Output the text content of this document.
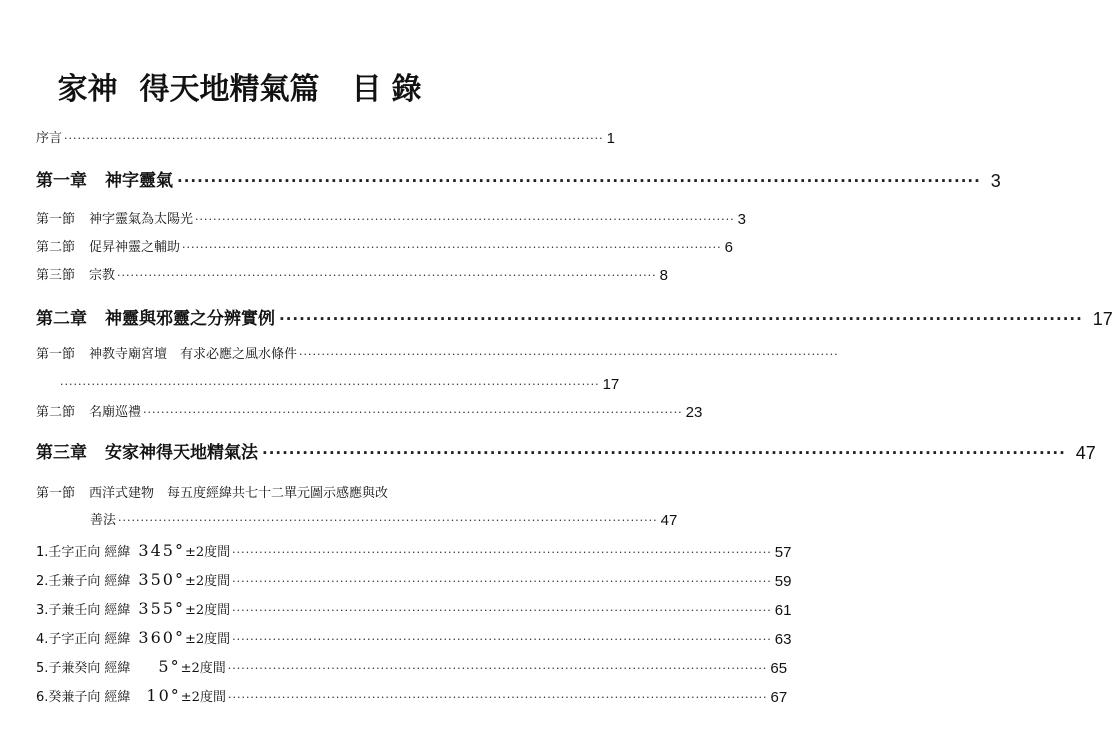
家神 得天地精氣篇 目錄
序言 ························································································································ 1
第一章 神字靈氣 ························································································································ 3
第一節 神字靈氣為太陽光 ························································································································ 3
第二節 促昇神靈之輔助 ························································································································ 6
第三節 宗教 ························································································································ 8
第二章 神靈與邪靈之分辨實例 ························································································································ 17
第一節 神教寺廟宮壇　有求必應之風水條件 ························································································································
························································································································ 17
第二節 名廟巡禮 ························································································································ 23
第三章 安家神得天地精氣法 ························································································································ 47
第一節 西洋式建物　每五度經緯共七十二單元圖示感應與改
善法 ························································································································ 47
1.壬字正向 經緯 345°±2度間 ························································································································ 57
2.壬兼子向 經緯 350°±2度間 ························································································································ 59
3.子兼壬向 經緯 355°±2度間 ························································································································ 61
4.子字正向 經緯 360°±2度間 ························································································································ 63
5.子兼癸向 經緯 5°±2度間 ························································································································ 65
6.癸兼子向 經緯 10°±2度間 ························································································································ 67
